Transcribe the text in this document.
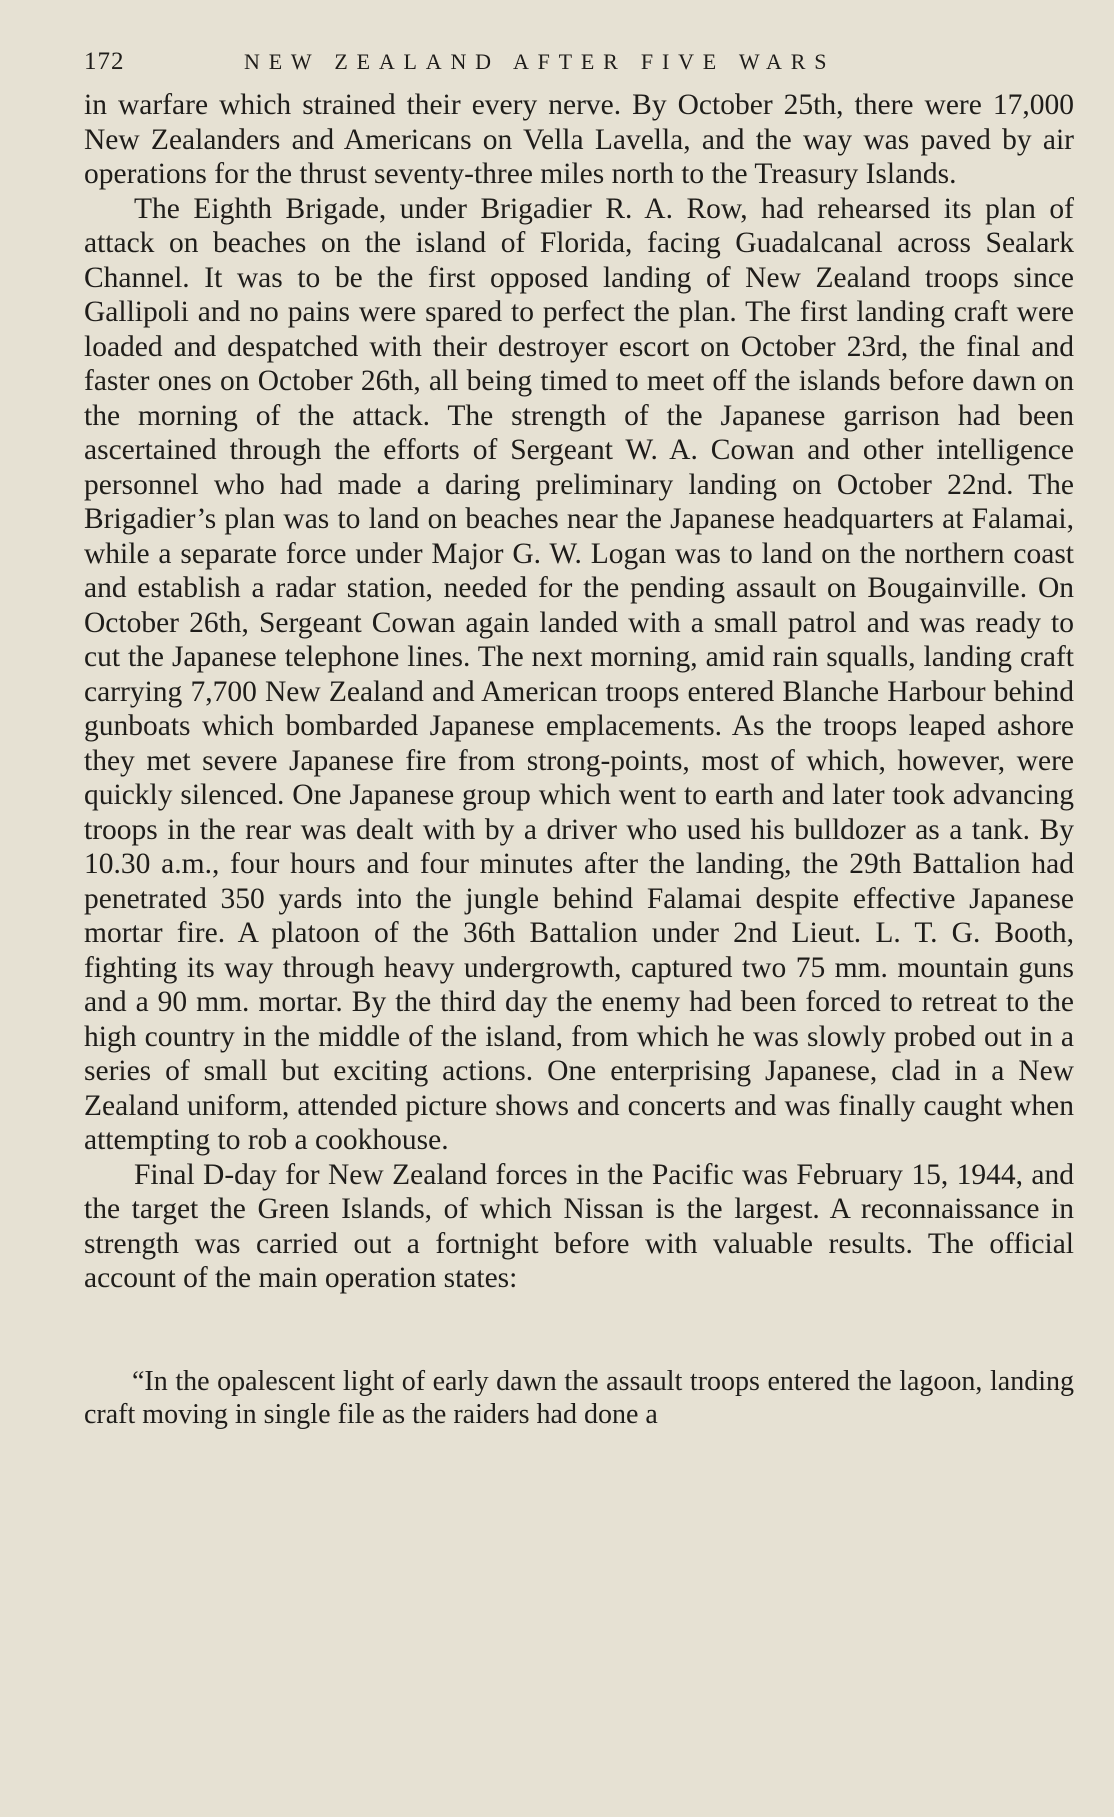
172	NEW ZEALAND AFTER FIVE WARS

in warfare which strained their every nerve. By October 25th, there were 17,000 New Zealanders and Americans on Vella Lavella, and the way was paved by air operations for the thrust seventy-three miles north to the Treasury Islands.

The Eighth Brigade, under Brigadier R. A. Row, had rehearsed its plan of attack on beaches on the island of Florida, facing Guadalcanal across Sealark Channel. It was to be the first opposed landing of New Zealand troops since Gallipoli and no pains were spared to perfect the plan. The first landing craft were loaded and despatched with their destroyer escort on October 23rd, the final and faster ones on October 26th, all being timed to meet off the islands before dawn on the morning of the attack. The strength of the Japanese garrison had been ascertained through the efforts of Sergeant W. A. Cowan and other intelligence personnel who had made a daring preliminary landing on October 22nd. The Brigadier’s plan was to land on beaches near the Japanese headquarters at Falamai, while a separate force under Major G. W. Logan was to land on the northern coast and establish a radar station, needed for the pending assault on Bougainville. On October 26th, Sergeant Cowan again landed with a small patrol and was ready to cut the Japanese telephone lines. The next morning, amid rain squalls, landing craft carrying 7,700 New Zealand and American troops entered Blanche Harbour behind gunboats which bombarded Japanese emplacements. As the troops leaped ashore they met severe Japanese fire from strong-points, most of which, however, were quickly silenced. One Japanese group which went to earth and later took advancing troops in the rear was dealt with by a driver who used his bulldozer as a tank. By 10.30 a.m., four hours and four minutes after the landing, the 29th Battalion had penetrated 350 yards into the jungle behind Falamai despite effective Japanese mortar fire. A platoon of the 36th Battalion under 2nd Lieut. L. T. G. Booth, fighting its way through heavy undergrowth, captured two 75 mm. mountain guns and a 90 mm. mortar. By the third day the enemy had been forced to retreat to the high country in the middle of the island, from which he was slowly probed out in a series of small but exciting actions. One enterprising Japanese, clad in a New Zealand uniform, attended picture shows and concerts and was finally caught when attempting to rob a cookhouse.

Final D-day for New Zealand forces in the Pacific was February 15, 1944, and the target the Green Islands, of which Nissan is the largest. A reconnaissance in strength was carried out a fortnight before with valuable results. The official account of the main operation states:

“In the opalescent light of early dawn the assault troops entered the lagoon, landing craft moving in single file as the raiders had done a
